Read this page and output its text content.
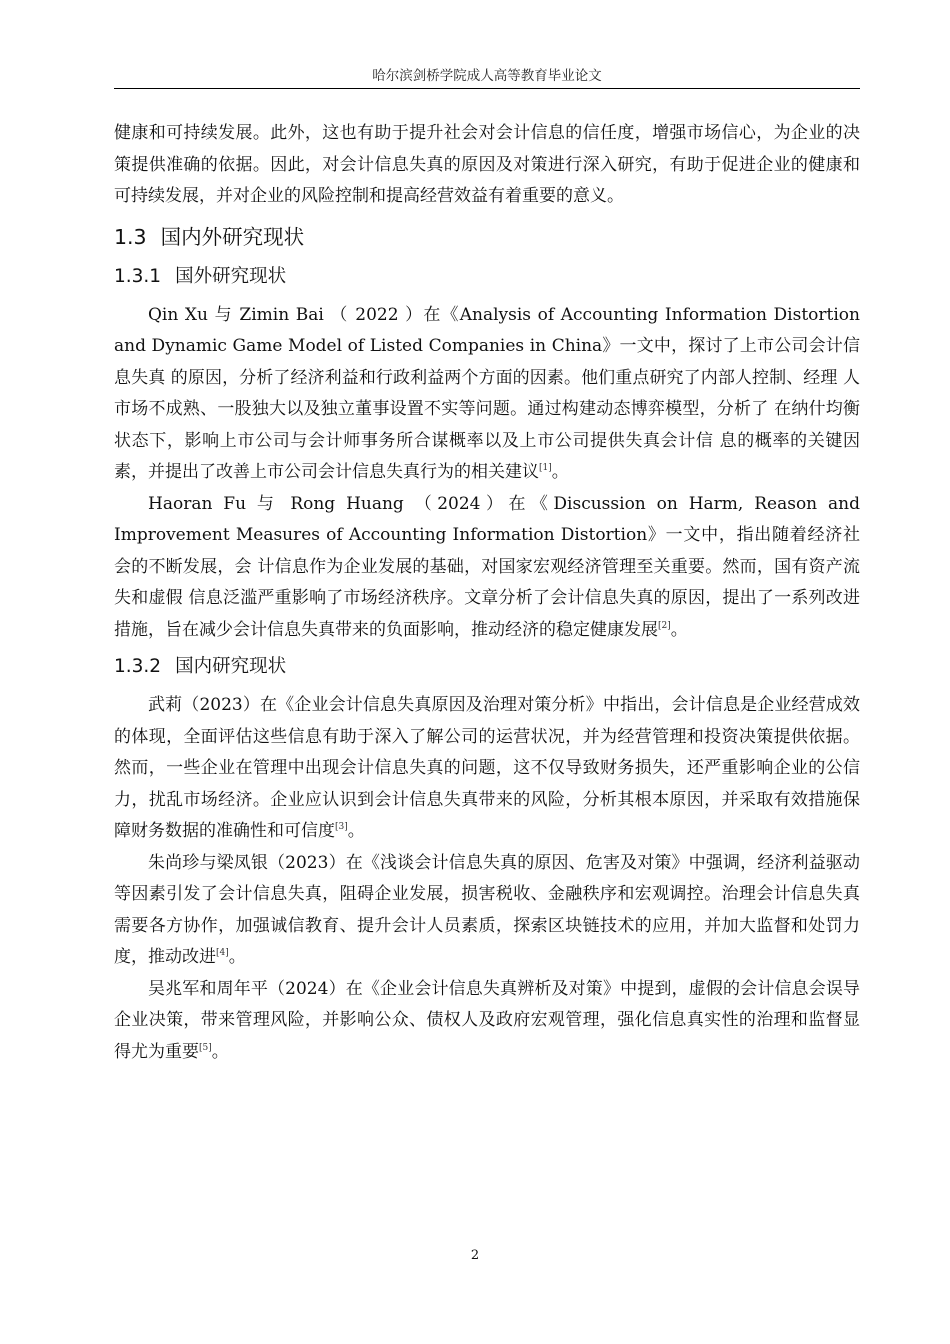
哈尔滨剑桥学院成人高等教育毕业论文

健康和可持续发展。此外，这也有助于提升社会对会计信息的信任度，增强市场信心，为企业的决策提供准确的依据。因此，对会计信息失真的原因及对策进行深入研究，有助于促进企业的健康和可持续发展，并对企业的风险控制和提高经营效益有着重要的意义。

1.3 国内外研究现状
1.3.1 国外研究现状

Qin Xu 与 Zimin Bai （ 2022 ）在《Analysis of Accounting Information Distortion and Dynamic Game Model of Listed Companies in China》一文中，探讨了上市公司会计信息失真 的原因，分析了经济利益和行政利益两个方面的因素。他们重点研究了内部人控制、经理 人市场不成熟、一股独大以及独立董事设置不实等问题。通过构建动态博弈模型，分析了 在纳什均衡状态下，影响上市公司与会计师事务所合谋概率以及上市公司提供失真会计信 息的概率的关键因素，并提出了改善上市公司会计信息失真行为的相关建议[1]。

Haoran Fu 与 Rong Huang （2024）在《Discussion on Harm, Reason and Improvement Measures of Accounting Information Distortion》一文中，指出随着经济社会的不断发展，会 计信息作为企业发展的基础，对国家宏观经济管理至关重要。然而，国有资产流失和虚假 信息泛滥严重影响了市场经济秩序。文章分析了会计信息失真的原因，提出了一系列改进 措施，旨在减少会计信息失真带来的负面影响，推动经济的稳定健康发展[2]。

1.3.2 国内研究现状

武莉（2023）在《企业会计信息失真原因及治理对策分析》中指出，会计信息是企业经营成效的体现，全面评估这些信息有助于深入了解公司的运营状况，并为经营管理和投资决策提供依据。然而，一些企业在管理中出现会计信息失真的问题，这不仅导致财务损失，还严重影响企业的公信力，扰乱市场经济。企业应认识到会计信息失真带来的风险，分析其根本原因，并采取有效措施保障财务数据的准确性和可信度[3]。

朱尚珍与梁凤银（2023）在《浅谈会计信息失真的原因、危害及对策》中强调，经济利益驱动等因素引发了会计信息失真，阻碍企业发展，损害税收、金融秩序和宏观调控。治理会计信息失真需要各方协作，加强诚信教育、提升会计人员素质，探索区块链技术的应用，并加大监督和处罚力度，推动改进[4]。

吴兆军和周年平（2024）在《企业会计信息失真辨析及对策》中提到，虚假的会计信息会误导企业决策，带来管理风险，并影响公众、债权人及政府宏观管理，强化信息真实性的治理和监督显得尤为重要[5]。

2
